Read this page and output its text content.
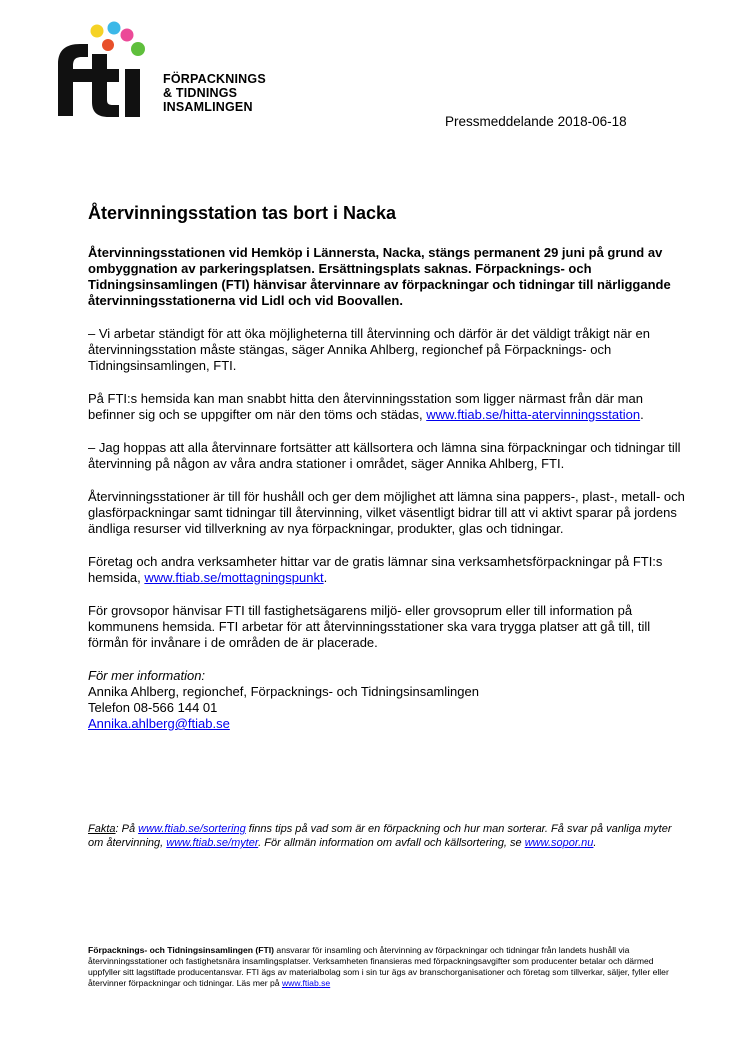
FÖRPACKNINGS
& TIDNINGS
INSAMLINGEN
Pressmeddelande 2018-06-18
Återvinningsstation tas bort i Nacka

Återvinningsstationen vid Hemköp i Lännersta, Nacka, stängs permanent 29 juni på grund av ombyggnation av parkeringsplatsen. Ersättningsplats saknas. Förpacknings- och Tidningsinsamlingen (FTI) hänvisar återvinnare av förpackningar och tidningar till närliggande återvinningsstationerna vid Lidl och vid Boovallen.

– Vi arbetar ständigt för att öka möjligheterna till återvinning och därför är det väldigt tråkigt när en återvinningsstation måste stängas, säger Annika Ahlberg, regionchef på Förpacknings- och Tidningsinsamlingen, FTI.

På FTI:s hemsida kan man snabbt hitta den återvinningsstation som ligger närmast från där man befinner sig och se uppgifter om när den töms och städas, www.ftiab.se/hitta-atervinningsstation.

– Jag hoppas att alla återvinnare fortsätter att källsortera och lämna sina förpackningar och tidningar till återvinning på någon av våra andra stationer i området, säger Annika Ahlberg, FTI.

Återvinningsstationer är till för hushåll och ger dem möjlighet att lämna sina pappers-, plast-, metall- och glasförpackningar samt tidningar till återvinning, vilket väsentligt bidrar till att vi aktivt sparar på jordens ändliga resurser vid tillverkning av nya förpackningar, produkter, glas och tidningar.

Företag och andra verksamheter hittar var de gratis lämnar sina verksamhetsförpackningar på FTI:s hemsida, www.ftiab.se/mottagningspunkt.

För grovsopor hänvisar FTI till fastighetsägarens miljö- eller grovsoprum eller till information på kommunens hemsida. FTI arbetar för att återvinningsstationer ska vara trygga platser att gå till, till förmån för invånare i de områden de är placerade.

För mer information:
Annika Ahlberg, regionchef, Förpacknings- och Tidningsinsamlingen
Telefon 08-566 144 01
Annika.ahlberg@ftiab.se
Fakta: På www.ftiab.se/sortering finns tips på vad som är en förpackning och hur man sorterar. Få svar på vanliga myter om återvinning, www.ftiab.se/myter. För allmän information om avfall och källsortering, se www.sopor.nu.
Förpacknings- och Tidningsinsamlingen (FTI) ansvarar för insamling och återvinning av förpackningar och tidningar från landets hushåll via återvinningsstationer och fastighetsnära insamlingsplatser. Verksamheten finansieras med förpackningsavgifter som producenter betalar och därmed uppfyller sitt lagstiftade producentansvar. FTI ägs av materialbolag som i sin tur ägs av branschorganisationer och företag som tillverkar, säljer, fyller eller återvinner förpackningar och tidningar. Läs mer på www.ftiab.se
